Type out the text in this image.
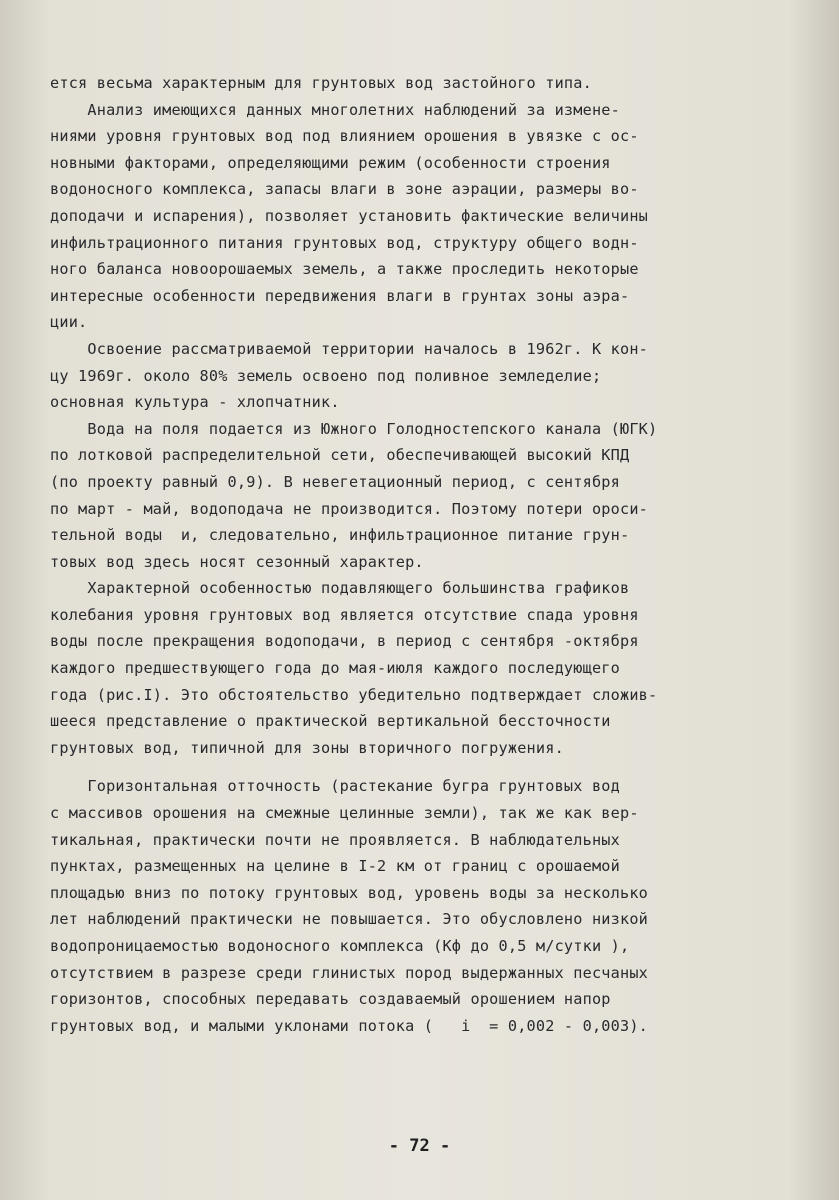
ется весьма характерным для грунтовых вод застойного типа.
Анализ имеющихся данных многолетних наблюдений за измене-
ниями уровня грунтовых вод под влиянием орошения в увязке с ос-
новными факторами, определяющими режим (особенности строения
водоносного комплекса, запасы влаги в зоне аэрации, размеры во-
доподачи и испарения), позволяет установить фактические величины
инфильтрационного питания грунтовых вод, структуру общего водн-
ного баланса новоорошаемых земель, а также проследить некоторые
интересные особенности передвижения влаги в грунтах зоны аэра-
ции.
Освоение рассматриваемой территории началось в 1962г. К кон-
цу 1969г. около 80% земель освоено под поливное земледелие;
основная культура - хлопчатник.
Вода на поля подается из Южного Голодностепского канала (ЮГК)
по лотковой распределительной сети, обеспечивающей высокий КПД
(по проекту равный 0,9). В невегетационный период, с сентября
по март - май, водоподача не производится. Поэтому потери ороси-
тельной воды  и, следовательно, инфильтрационное питание грун-
товых вод здесь носят сезонный характер.
Характерной особенностью подавляющего большинства графиков
колебания уровня грунтовых вод является отсутствие спада уровня
воды после прекращения водоподачи, в период с сентября -октября
каждого предшествующего года до мая-июля каждого последующего
года (рис.I). Это обстоятельство убедительно подтверждает сложив-
шееся представление о практической вертикальной бессточности
грунтовых вод, типичной для зоны вторичного погружения.
Горизонтальная отточность (растекание бугра грунтовых вод
с массивов орошения на смежные целинные земли), так же как вер-
тикальная, практически почти не проявляется. В наблюдательных
пунктах, размещенных на целине в I-2 км от границ с орошаемой
площадью вниз по потоку грунтовых вод, уровень воды за несколько
лет наблюдений практически не повышается. Это обусловлено низкой
водопроницаемостью водоносного комплекса (Кф до 0,5 м/сутки ),
отсутствием в разрезе среди глинистых пород выдержанных песчаных
горизонтов, способных передавать создаваемый орошением напор
грунтовых вод, и малыми уклонами потока (   i  = 0,002 - 0,003).
- 72 -
